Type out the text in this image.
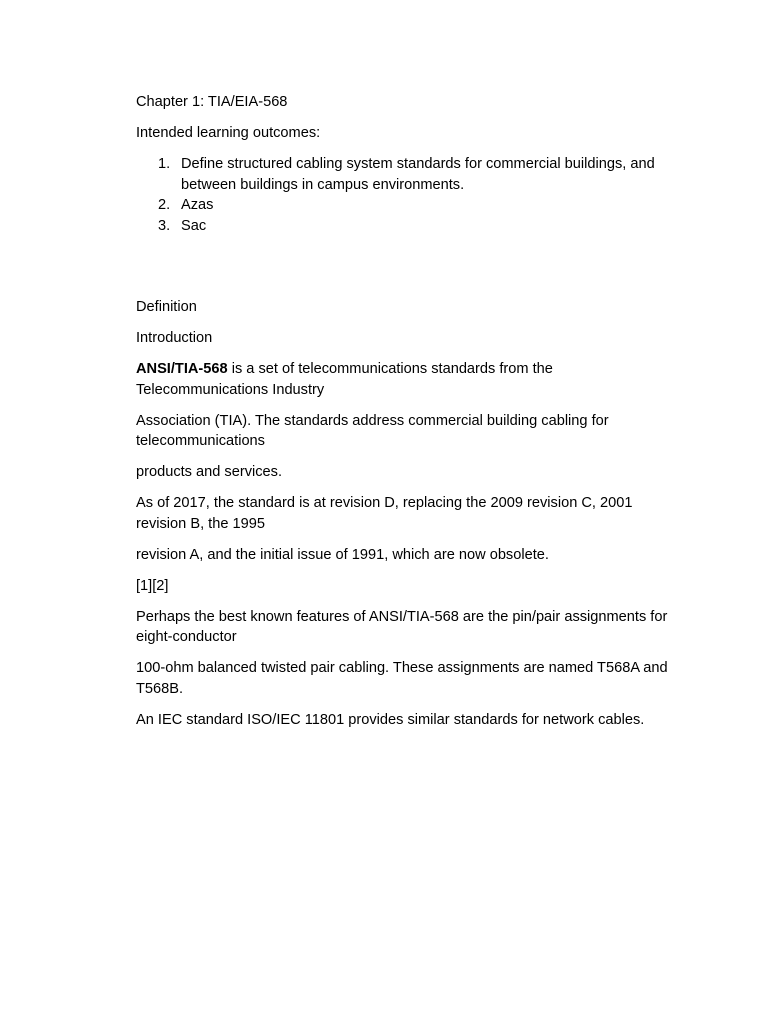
Chapter 1: TIA/EIA-568

Intended learning outcomes:

1. Define structured cabling system standards for commercial buildings, and between buildings in campus environments.
2. Azas
3. Sac

Definition

Introduction

ANSI/TIA-568 is a set of telecommunications standards from the Telecommunications Industry

Association (TIA). The standards address commercial building cabling for telecommunications

products and services.

As of 2017, the standard is at revision D, replacing the 2009 revision C, 2001 revision B, the 1995

revision A, and the initial issue of 1991, which are now obsolete.

[1][2]

Perhaps the best known features of ANSI/TIA-568 are the pin/pair assignments for eight-conductor

100-ohm balanced twisted pair cabling. These assignments are named T568A and T568B.

An IEC standard ISO/IEC 11801 provides similar standards for network cables.
